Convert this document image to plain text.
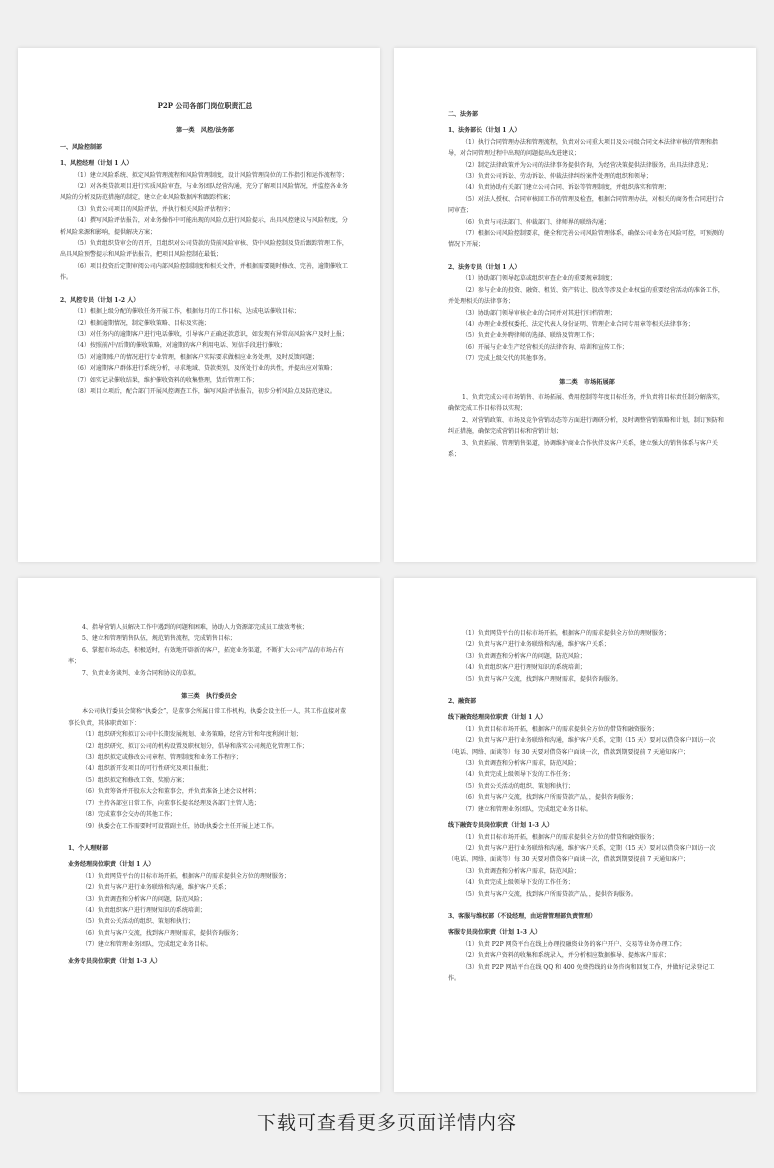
P2P 公司各部门岗位职责汇总
第一类　风控/法务部
一、风险控制部
1、风控经理（计划 1 人）

（1）建立风险系统、拟定风险管理流程和风险管理制度，设计风险管理岗位的工作指引和运作流程等；

（2）对各类贷款项目进行实质风险审查，与业务团队经营沟通，充分了解项目风险情况，并监控各业务风险的分析及防范措施的制定，建立企业风险数据库和跟踪档案；

（3）负责公司项目的风险评估，并执行相关风险评估程序；

（4）撰写风险评估报告，对业务操作中可能出现的风险点进行风险提示，出具风控建议与风险程度，分析风险来源和影响，提供解决方案；

（5）负责组织贷审会的召开，且组织对公司贷款的贷前风险审核、贷中风险控制及贷后跟踪管理工作，出具风险预警提示和风险评估报告，把项目风险控制在最低；

（6）项目投资后定期审阅公司内部风险控制制度和相关文件，并根据需要随时修改、完善，逾期催收工作。

2、风控专员（计划 1-2 人）

（1）根据上级分配的催收任务开展工作，根据每月的工作目标，达成电话催收目标；

（2）根据逾期情况，制定催收策略、目标及实施；

（3）对任务内的逾期客户进行电话催收，引导客户正确还款意识，如发现有异常高风险客户及时上报；

（4）按照前/中/后期的催收策略，对逾期的客户利用电话、短信手段进行催收；

（5）对逾期账户的情况进行专业管理，根据客户实际要求做相应业务处理，及时反馈问题；

（6）对逾期客户群体进行系统分析，寻求地域、贷款类别，及所处行业的共性，并提出应对策略；

（7）如实记录催收结果，维护催收资料的收集整理，货后管理工作；

（8）项目立项后，配合部门开展风控调查工作，编写风险评估报告，初步分析风险点及防范建议。

二、法务部
1、法务部长（计划 1 人）

（1）执行合同管理办法和管理流程，负责对公司重大项目及公司级合同文本法律审核的管理和指导，对合同管理过程中出现的问题提出改进建议；

（2）制定法律政策并为公司的法律事务提供咨询，为经营决策提供法律服务，出具法律意见；

（3）负责公司诉讼、劳动诉讼、仲裁法律纠纷案件处理的组织和领导；

（4）负责协助有关部门建立公司合同、诉讼等管理制度，并组织落实和管理；

（5）对法人授权、合同审核回工作的管理及检查，根据合同管理办法，对相关的商务性合同进行合同审查；

（6）负责与司法部门、仲裁部门、律师界的联络沟通；

（7）根据公司风险控制要求，健全和完善公司风险管理体系，确保公司业务在风险可控，可预测的情况下开展；

2、法务专员（计划 1 人）

（1）协助部门领导起草或组织审查企业的重要规章制度；

（2）参与企业的投资、融资、租赁、资产转让、股改等涉及企业权益的重要经营活动的准备工作，并处理相关的法律事务；

（3）协助部门领导审核企业的合同并对其进行归档管理；

（4）办理企业授权委托、法定代表人身份证明、管理企业合同专用章等相关法律事务；

（5）负责企业外聘律师的选择、联络及管理工作；

（6）开展与企业生产经营相关的法律咨询、培训和宣传工作；

（7）完成上级交代的其他事务。

第二类　市场拓展部

1、负责完成公司市场销售、市场拓展、费用控制等年度目标任务，并负责将目标责任制分解落实，确保完成工作目标得以实现；

2、对营销政策、市场及竞争营销动态等方面进行调研分析，及时调整营销策略和计划，制订预防和纠正措施，确保完成营销目标和营销计划；

3、负责拓展、管理销售渠道，协调维护商业合作伙伴及客户关系，建立强大的销售体系与客户关系；

4、指导营销人员解决工作中遇到的问题和困难，协助人力资源部完成员工绩效考核；

5、建立和管理销售队伍，规范销售流程，完成销售目标；

6、掌握市场动态，积极适时，有效地开辟新的客户，拓宽业务渠道，不断扩大公司产品的市场占有率；

7、负责业务谈判、业务合同和协议的草拟。

第三类　执行委员会

本公司执行委员会简称“执委会”，是董事会所属日常工作机构，执委会设主任一人，其工作直接对董事长负责，其体职责如下：

（1）组织研究和拟订公司中长期发展规划、业务策略，经营方针和年度利润计划；

（2）组织研究、拟订公司的机构设置及职权划分，倡导和落实公司规范化管理工作；

（3）组织拟定或修改公司章程、管理制度和业务工作程序；

（4）组织新开发项目的可行性研究及项目报批；

（5）组织拟定和修改工资、奖励方案；

（6）负责筹备并开股东大会和董事会，并负责准备上述会议材料；

（7）主持各部室日常工作，向董事长提名经理及各部门主管人选；

（8）完成董事会交办的其他工作；

（9）执委会在工作需要时可设置副主任，协助执委会主任开展上述工作。

1、个人理财部
业务经理岗位职责（计划 1 人）

（1）负责网贷平台的目标市场开拓，根据客户的需求提供全方位的理财服务；

（2）负责与客户进行业务联络和沟通，维护客户关系；

（3）负责调查和分析客户的问题，防范风险；

（4）负责组织客户进行理财知识的系统培训；

（5）负责公关活动的组织、策划和执行；

（6）负责与客户交流，找到客户理财需求，提供咨询服务；

（7）建立和管理业务团队，完成组定业务目标。

业务专员岗位职责（计划 1-3 人）

（1）负责网贷平台的目标市场开拓，根据客户的需求提供全方位的理财服务；

（2）负责与客户进行业务联络和沟通，维护客户关系；

（3）负责调查和分析客户的问题，防范风险；

（4）负责组织客户进行理财知识的系统培训；

（5）负责与客户交流，找到客户理财需求，提供咨询服务。

2、融资部
线下融资经理岗位职责（计划 1 人）

（1）负责目标市场开拓，根据客户的需求提供全方位的借贷和融资服务；

（2）负责与客户进行业务联络和沟通，维护客户关系，定期（15 天）要对以借贷客户回访一次（电话、网络、面谈等）每 30 天要对借贷客户面谈一次，借款到期要提前 7 天通知客户；

（3）负责调查和分析客户需求，防范风险；

（4）负责完成上级领导下发的工作任务；

（5）负责公关活动的组织、策划和执行；

（6）负责与客户交流，找到客户所需贷款产品，，提供咨询服务；

（7）建立和管理业务团队，完成组定业务目标。

线下融资专员岗位职责（计划 1-3 人）

（1）负责目标市场开拓，根据客户的需求提供全方位的借贷和融资服务；

（2）负责与客户进行业务联络和沟通，维护客户关系，定期（15 天）要对以借贷客户回访一次（电话、网络、面谈等）每 30 天要对借贷客户面谈一次，借款到期要提前 7 天通知客户；

（3）负责调查和分析客户需求，防范风险；

（4）负责完成上级领导下发的工作任务；

（5）负责与客户交流，找到客户所需贷款产品，，提供咨询服务。

3、客服与维权部（不设经理，由运营管理部负责管理）
客服专员岗位职责（计划 1-3 人）

（1）负责 P2P 网贷平台在线上办理投融资业务的客户开户、交易等业务办理工作；

（2）负责客户资料的收集和系统录入，并分析相应数据推导、提炼客户需求；

（3）负责 P2P 网站平台在线 QQ 和 400 免费热线的业务咨询和回复工作，并做好记录登记工作。

下载可查看更多页面详情内容
